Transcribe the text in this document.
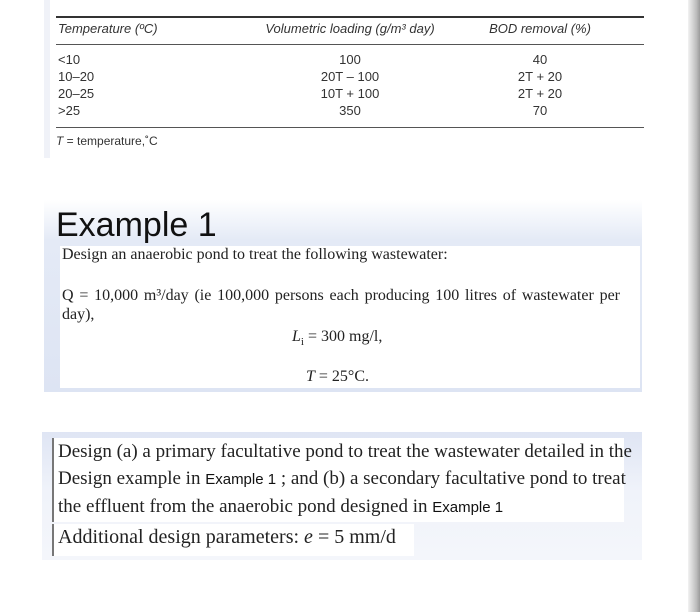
Temperature (ºC)	Volumetric loading (g/m³ day)	BOD removal (%)
<10	100	40
10–20	20T – 100	2T + 20
20–25	10T + 100	2T + 20
>25	350	70
T = temperature,˚C
Example 1
Design an anaerobic pond to treat the following wastewater:
Q = 10,000 m³/day (ie 100,000 persons each producing 100 litres of wastewater per day),
$L_i = 300$ mg/l,
T = 25°C.
Design (a) a primary facultative pond to treat the wastewater detailed in the
Design example in Example 1 ; and (b) a secondary facultative pond to treat
the effluent from the anaerobic pond designed in Example 1
Additional design parameters: e = 5 mm/d
